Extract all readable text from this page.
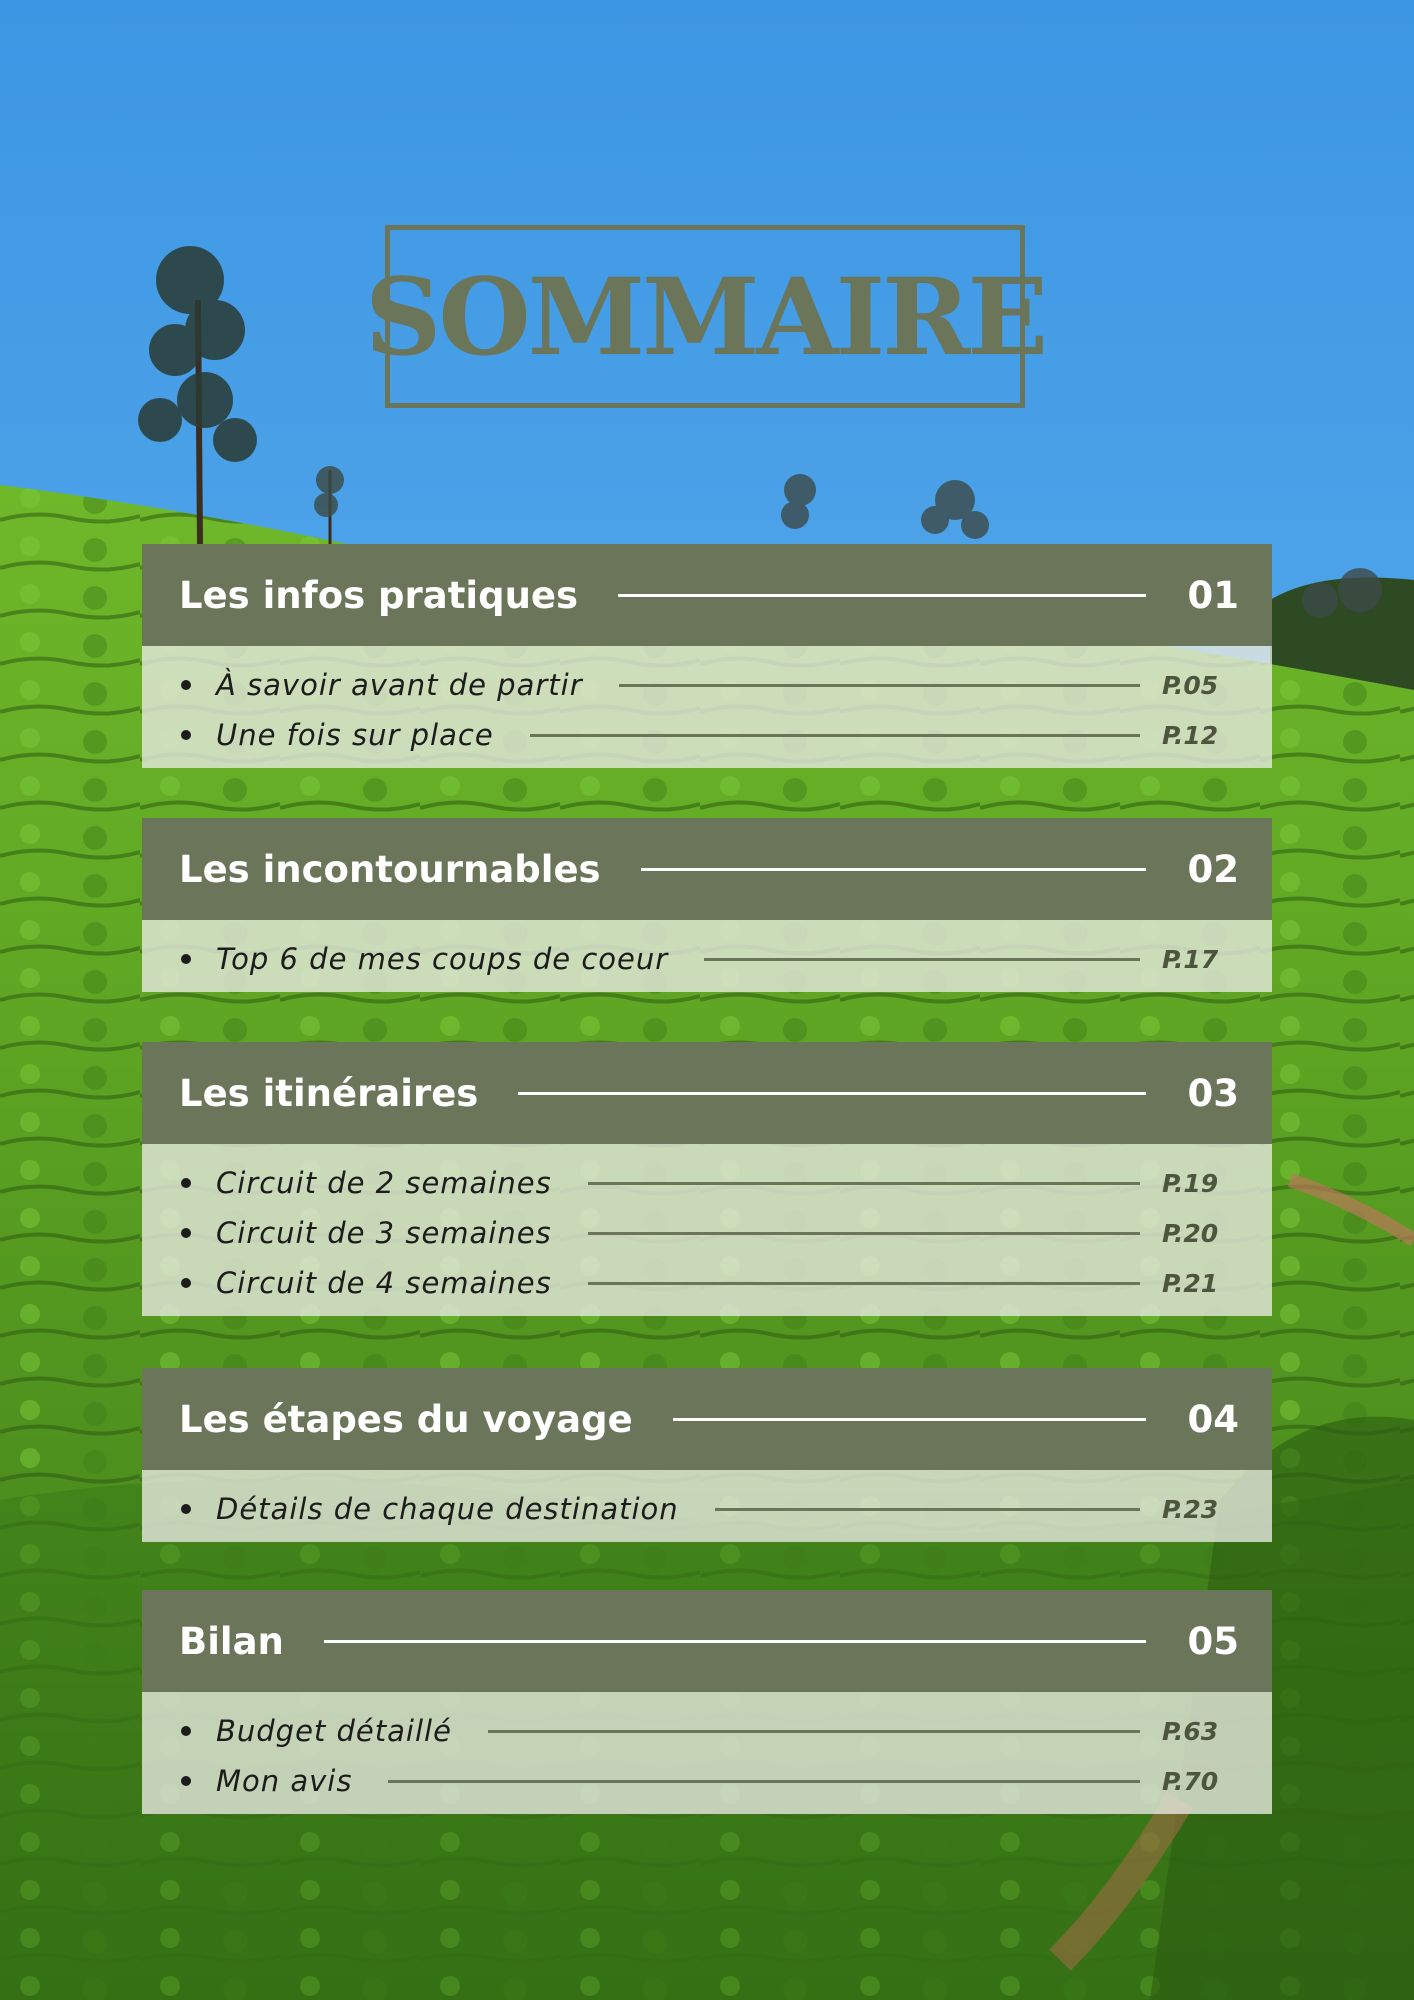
SOMMAIRE
Les infos pratiques	01
À savoir avant de partir	P.05
Une fois sur place	P.12
Les incontournables	02
Top 6 de mes coups de coeur	P.17
Les itinéraires	03
Circuit de 2 semaines	P.19
Circuit de 3 semaines	P.20
Circuit de 4 semaines	P.21
Les étapes du voyage	04
Détails de chaque destination	P.23
Bilan	05
Budget détaillé	P.63
Mon avis	P.70
